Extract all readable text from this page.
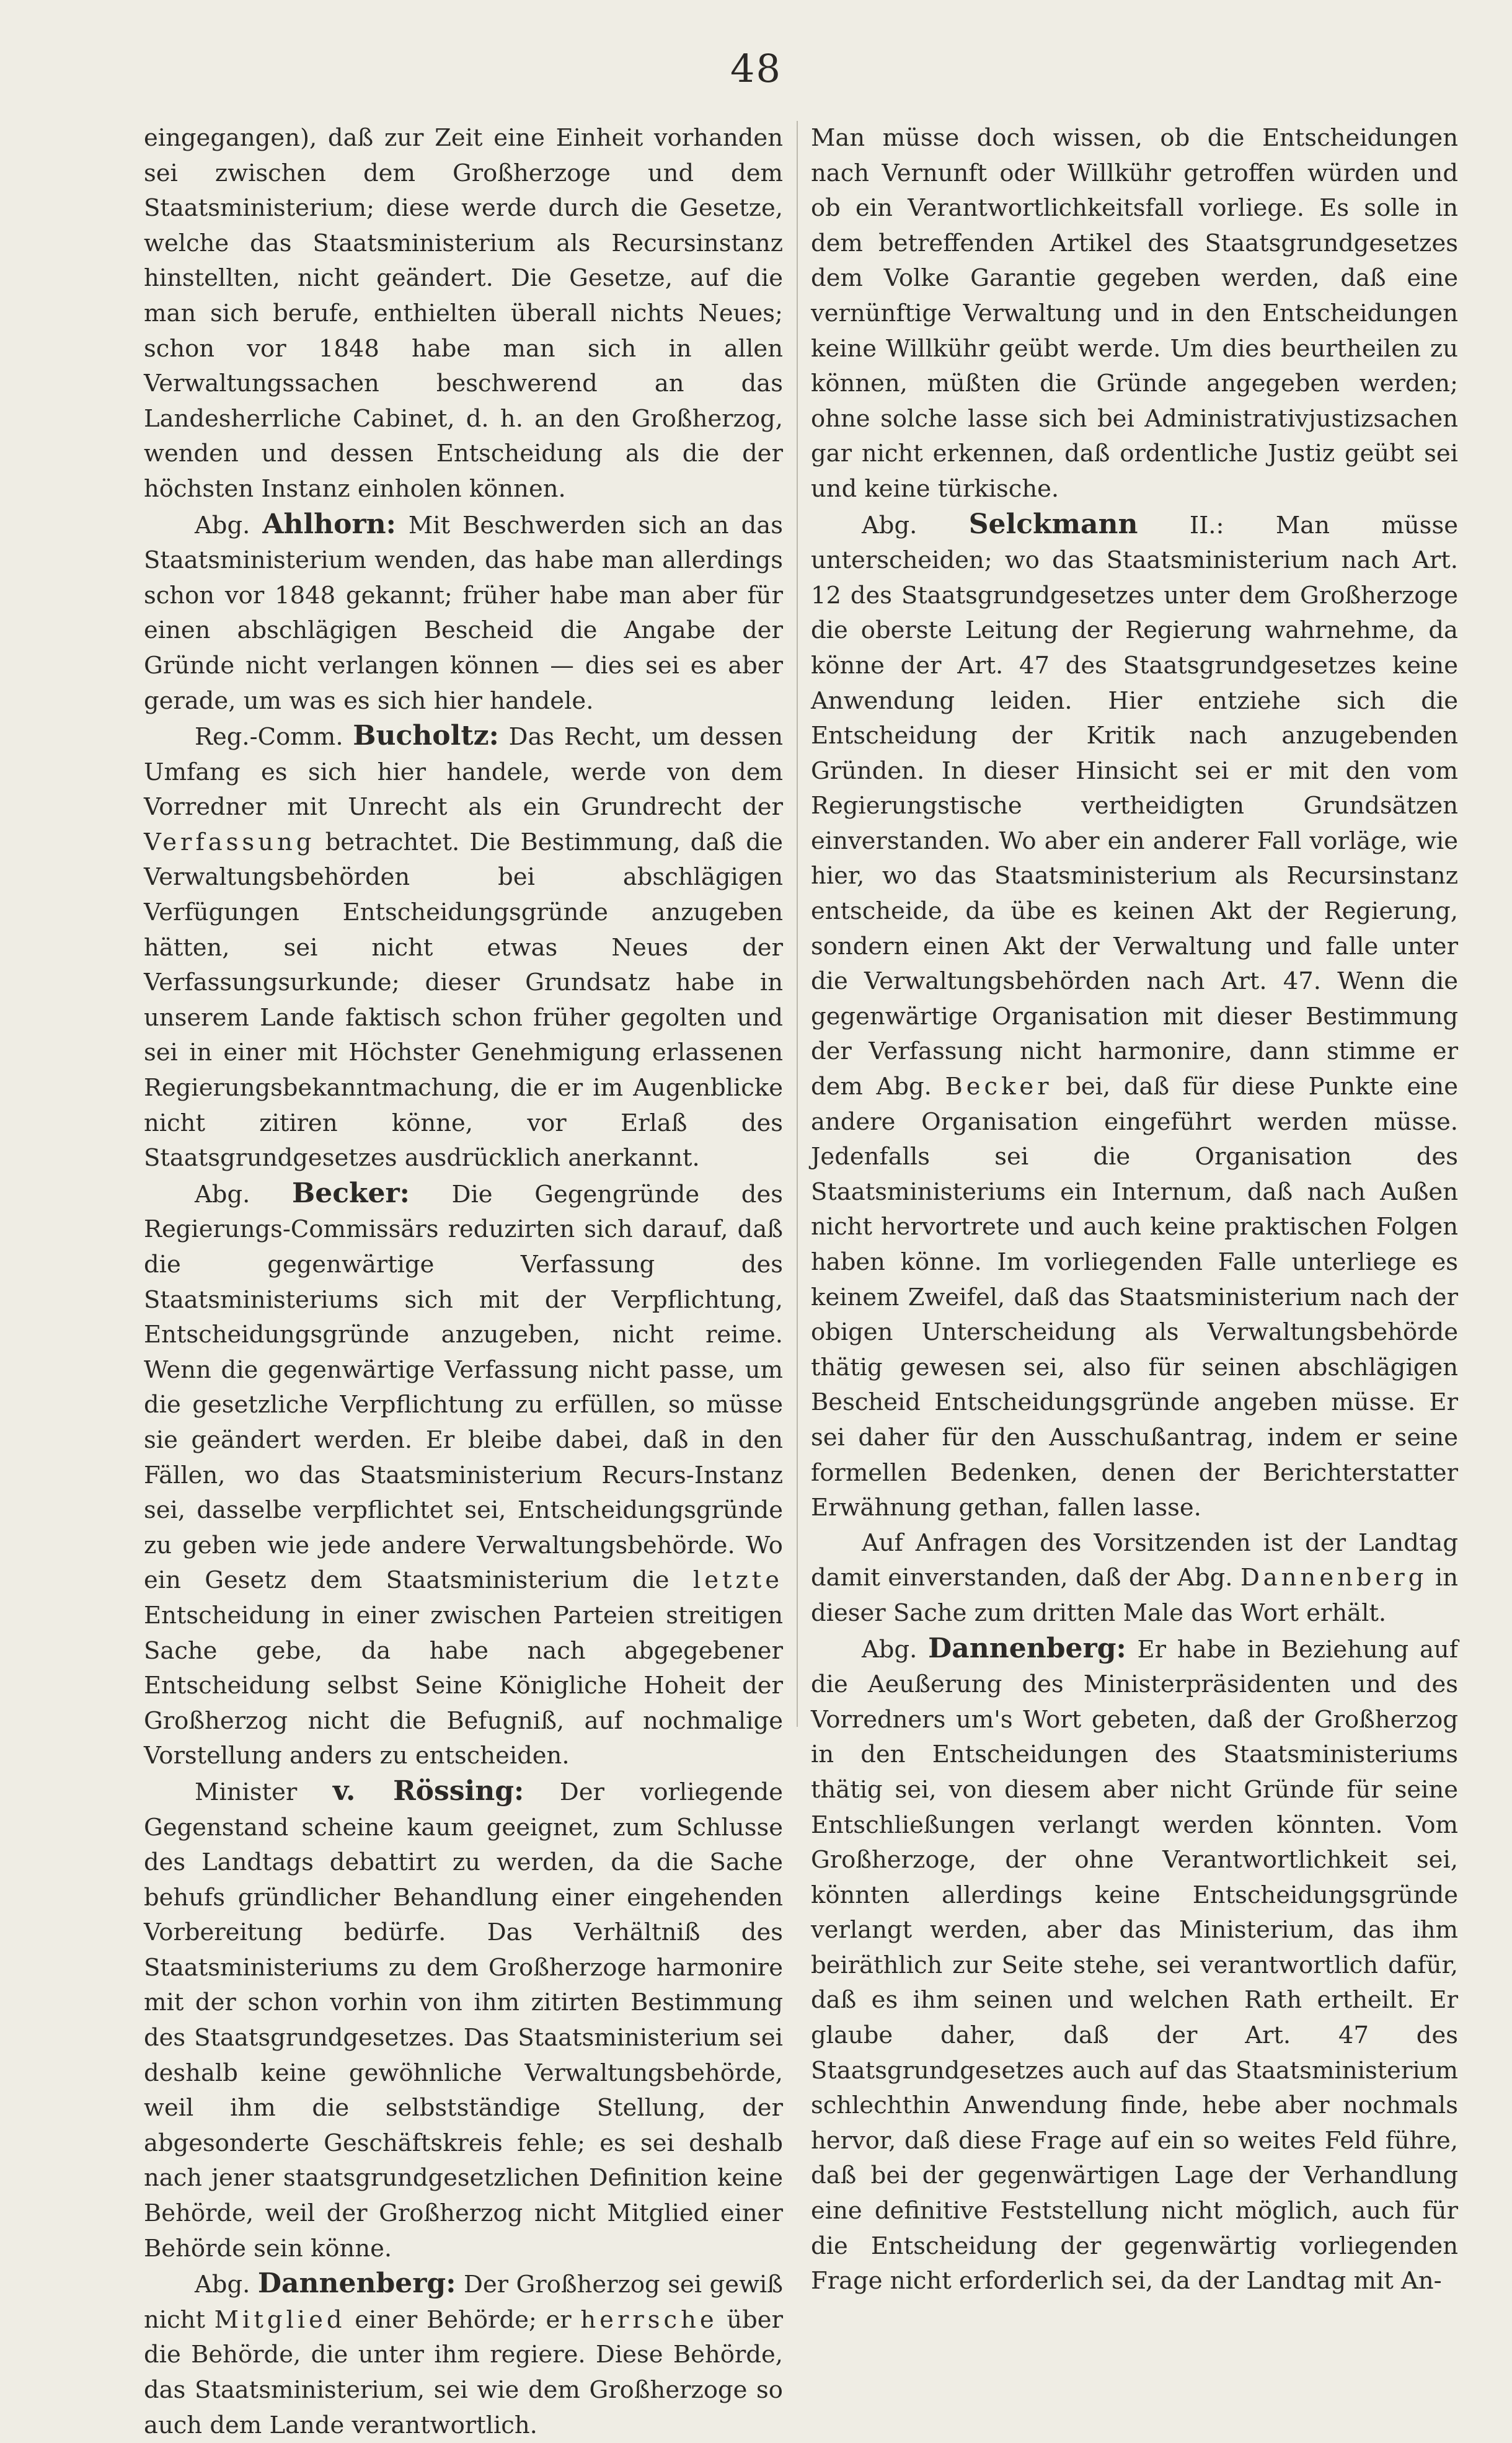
48

eingegangen), daß zur Zeit eine Einheit vorhanden sei zwischen dem Großherzoge und dem Staatsministerium; diese werde durch die Gesetze, welche das Staatsministerium als Recursinstanz hinstellten, nicht geändert. Die Gesetze, auf die man sich berufe, enthielten überall nichts Neues; schon vor 1848 habe man sich in allen Verwaltungssachen beschwerend an das Landesherrliche Cabinet, d. h. an den Großherzog, wenden und dessen Entscheidung als die der höchsten Instanz einholen können.

Abg. Ahlhorn: Mit Beschwerden sich an das Staatsministerium wenden, das habe man allerdings schon vor 1848 gekannt; früher habe man aber für einen abschlägigen Bescheid die Angabe der Gründe nicht verlangen können — dies sei es aber gerade, um was es sich hier handele.

Reg.-Comm. Bucholtz: Das Recht, um dessen Umfang es sich hier handele, werde von dem Vorredner mit Unrecht als ein Grundrecht der Verfassung betrachtet. Die Bestimmung, daß die Verwaltungsbehörden bei abschlägigen Verfügungen Entscheidungsgründe anzugeben hätten, sei nicht etwas Neues der Verfassungsurkunde; dieser Grundsatz habe in unserem Lande faktisch schon früher gegolten und sei in einer mit Höchster Genehmigung erlassenen Regierungsbekanntmachung, die er im Augenblicke nicht zitiren könne, vor Erlaß des Staatsgrundgesetzes ausdrücklich anerkannt.

Abg. Becker: Die Gegengründe des Regierungs-Commissärs reduzirten sich darauf, daß die gegenwärtige Verfassung des Staatsministeriums sich mit der Verpflichtung, Entscheidungsgründe anzugeben, nicht reime. Wenn die gegenwärtige Verfassung nicht passe, um die gesetzliche Verpflichtung zu erfüllen, so müsse sie geändert werden. Er bleibe dabei, daß in den Fällen, wo das Staatsministerium Recurs-Instanz sei, dasselbe verpflichtet sei, Entscheidungsgründe zu geben wie jede andere Verwaltungsbehörde. Wo ein Gesetz dem Staatsministerium die letzte Entscheidung in einer zwischen Parteien streitigen Sache gebe, da habe nach abgegebener Entscheidung selbst Seine Königliche Hoheit der Großherzog nicht die Befugniß, auf nochmalige Vorstellung anders zu entscheiden.

Minister v. Rössing: Der vorliegende Gegenstand scheine kaum geeignet, zum Schlusse des Landtags debattirt zu werden, da die Sache behufs gründlicher Behandlung einer eingehenden Vorbereitung bedürfe. Das Verhältniß des Staatsministeriums zu dem Großherzoge harmonire mit der schon vorhin von ihm zitirten Bestimmung des Staatsgrundgesetzes. Das Staatsministerium sei deshalb keine gewöhnliche Verwaltungsbehörde, weil ihm die selbstständige Stellung, der abgesonderte Geschäftskreis fehle; es sei deshalb nach jener staatsgrundgesetzlichen Definition keine Behörde, weil der Großherzog nicht Mitglied einer Behörde sein könne.

Abg. Dannenberg: Der Großherzog sei gewiß nicht Mitglied einer Behörde; er herrsche über die Behörde, die unter ihm regiere. Diese Behörde, das Staatsministerium, sei wie dem Großherzoge so auch dem Lande verantwortlich.

Man müsse doch wissen, ob die Entscheidungen nach Vernunft oder Willkühr getroffen würden und ob ein Verantwortlichkeitsfall vorliege. Es solle in dem betreffenden Artikel des Staatsgrundgesetzes dem Volke Garantie gegeben werden, daß eine vernünftige Verwaltung und in den Entscheidungen keine Willkühr geübt werde. Um dies beurtheilen zu können, müßten die Gründe angegeben werden; ohne solche lasse sich bei Administrativjustizsachen gar nicht erkennen, daß ordentliche Justiz geübt sei und keine türkische.

Abg. Selckmann II.: Man müsse unterscheiden; wo das Staatsministerium nach Art. 12 des Staatsgrundgesetzes unter dem Großherzoge die oberste Leitung der Regierung wahrnehme, da könne der Art. 47 des Staatsgrundgesetzes keine Anwendung leiden. Hier entziehe sich die Entscheidung der Kritik nach anzugebenden Gründen. In dieser Hinsicht sei er mit den vom Regierungstische vertheidigten Grundsätzen einverstanden. Wo aber ein anderer Fall vorläge, wie hier, wo das Staatsministerium als Recursinstanz entscheide, da übe es keinen Akt der Regierung, sondern einen Akt der Verwaltung und falle unter die Verwaltungsbehörden nach Art. 47. Wenn die gegenwärtige Organisation mit dieser Bestimmung der Verfassung nicht harmonire, dann stimme er dem Abg. Becker bei, daß für diese Punkte eine andere Organisation eingeführt werden müsse. Jedenfalls sei die Organisation des Staatsministeriums ein Internum, daß nach Außen nicht hervortrete und auch keine praktischen Folgen haben könne. Im vorliegenden Falle unterliege es keinem Zweifel, daß das Staatsministerium nach der obigen Unterscheidung als Verwaltungsbehörde thätig gewesen sei, also für seinen abschlägigen Bescheid Entscheidungsgründe angeben müsse. Er sei daher für den Ausschußantrag, indem er seine formellen Bedenken, denen der Berichterstatter Erwähnung gethan, fallen lasse.

Auf Anfragen des Vorsitzenden ist der Landtag damit einverstanden, daß der Abg. Dannenberg in dieser Sache zum dritten Male das Wort erhält.

Abg. Dannenberg: Er habe in Beziehung auf die Aeußerung des Ministerpräsidenten und des Vorredners um's Wort gebeten, daß der Großherzog in den Entscheidungen des Staatsministeriums thätig sei, von diesem aber nicht Gründe für seine Entschließungen verlangt werden könnten. Vom Großherzoge, der ohne Verantwortlichkeit sei, könnten allerdings keine Entscheidungsgründe verlangt werden, aber das Ministerium, das ihm beiräthlich zur Seite stehe, sei verantwortlich dafür, daß es ihm seinen und welchen Rath ertheilt. Er glaube daher, daß der Art. 47 des Staatsgrundgesetzes auch auf das Staatsministerium schlechthin Anwendung finde, hebe aber nochmals hervor, daß diese Frage auf ein so weites Feld führe, daß bei der gegenwärtigen Lage der Verhandlung eine definitive Feststellung nicht möglich, auch für die Entscheidung der gegenwärtig vorliegenden Frage nicht erforderlich sei, da der Landtag mit An-
